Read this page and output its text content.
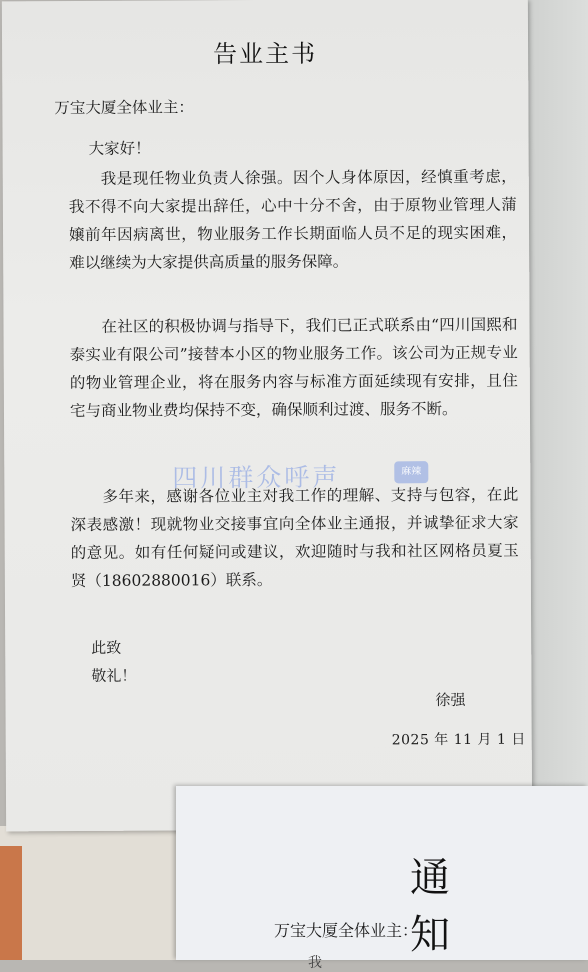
告业主书
万宝大厦全体业主：
大家好！
我是现任物业负责人徐强。因个人身体原因，经慎重考虑，我不得不向大家提出辞任，心中十分不舍，由于原物业管理人蒲嬢前年因病离世，物业服务工作长期面临人员不足的现实困难，难以继续为大家提供高质量的服务保障。
在社区的积极协调与指导下，我们已正式联系由“四川国熙和泰实业有限公司”接替本小区的物业服务工作。该公司为正规专业的物业管理企业，将在服务内容与标准方面延续现有安排，且住宅与商业物业费均保持不变，确保顺利过渡、服务不断。
多年来，感谢各位业主对我工作的理解、支持与包容，在此深表感激！现就物业交接事宜向全体业主通报，并诚挚征求大家的意见。如有任何疑问或建议，欢迎随时与我和社区网格员夏玉贤（18602880016）联系。
此致
敬礼！
徐强
2025 年 11 月 1 日
四川群众呼声	麻辣
通知
万宝大厦全体业主：
我
